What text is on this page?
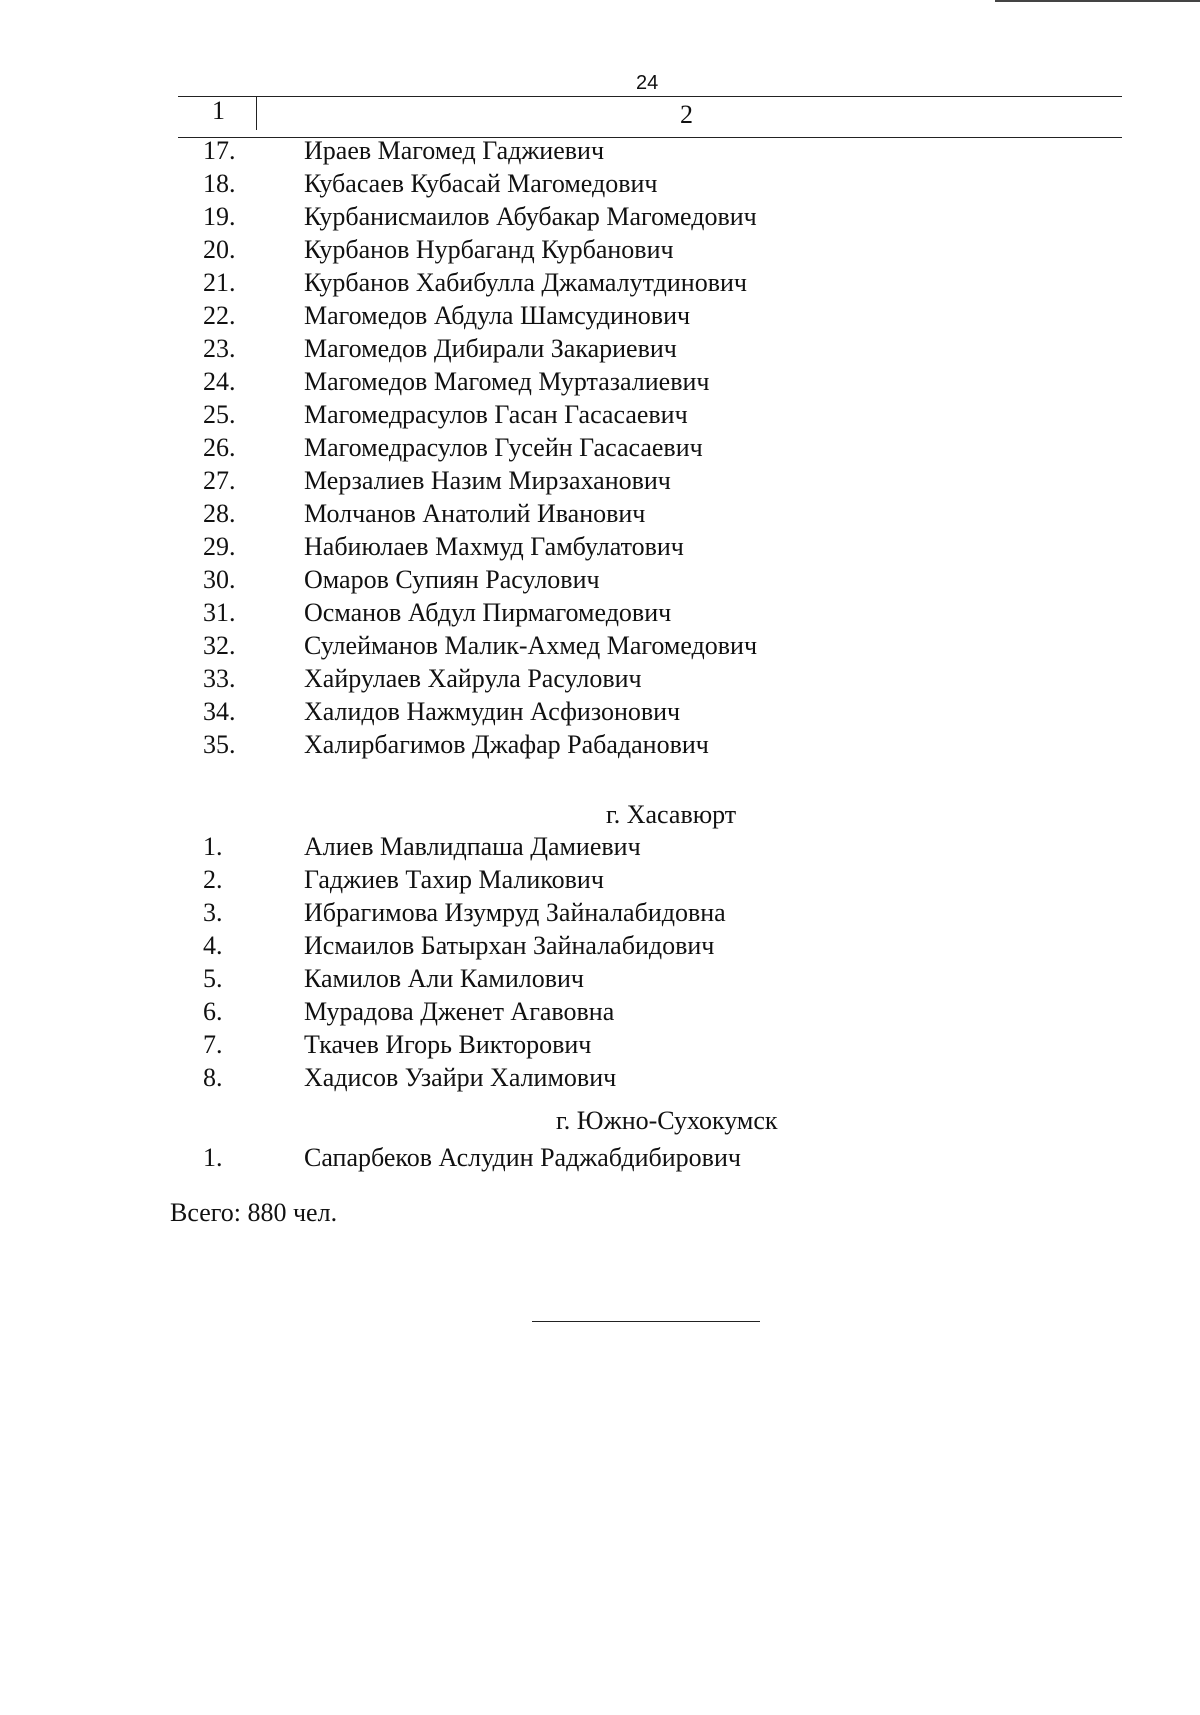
24
1	2
17.	Ираев Магомед Гаджиевич
18.	Кубасаев Кубасай Магомедович
19.	Курбанисмаилов Абубакар Магомедович
20.	Курбанов Нурбаганд Курбанович
21.	Курбанов Хабибулла Джамалутдинович
22.	Магомедов Абдула Шамсудинович
23.	Магомедов Дибирали Закариевич
24.	Магомедов Магомед Муртазалиевич
25.	Магомедрасулов Гасан Гасасаевич
26.	Магомедрасулов Гусейн Гасасаевич
27.	Мерзалиев Назим Мирзаханович
28.	Молчанов Анатолий Иванович
29.	Набиюлаев Махмуд Гамбулатович
30.	Омаров Супиян Расулович
31.	Османов Абдул Пирмагомедович
32.	Сулейманов Малик-Ахмед Магомедович
33.	Хайрулаев Хайрула Расулович
34.	Халидов Нажмудин Асфизонович
35.	Халирбагимов Джафар Рабаданович
г. Хасавюрт
1.	Алиев Мавлидпаша Дамиевич
2.	Гаджиев Тахир Маликович
3.	Ибрагимова Изумруд Зайналабидовна
4.	Исмаилов Батырхан Зайналабидович
5.	Камилов Али Камилович
6.	Мурадова Дженет Агавовна
7.	Ткачев Игорь Викторович
8.	Хадисов Узайри Халимович
г. Южно-Сухокумск
1.	Сапарбеков Аслудин Раджабдибирович
Всего: 880 чел.
